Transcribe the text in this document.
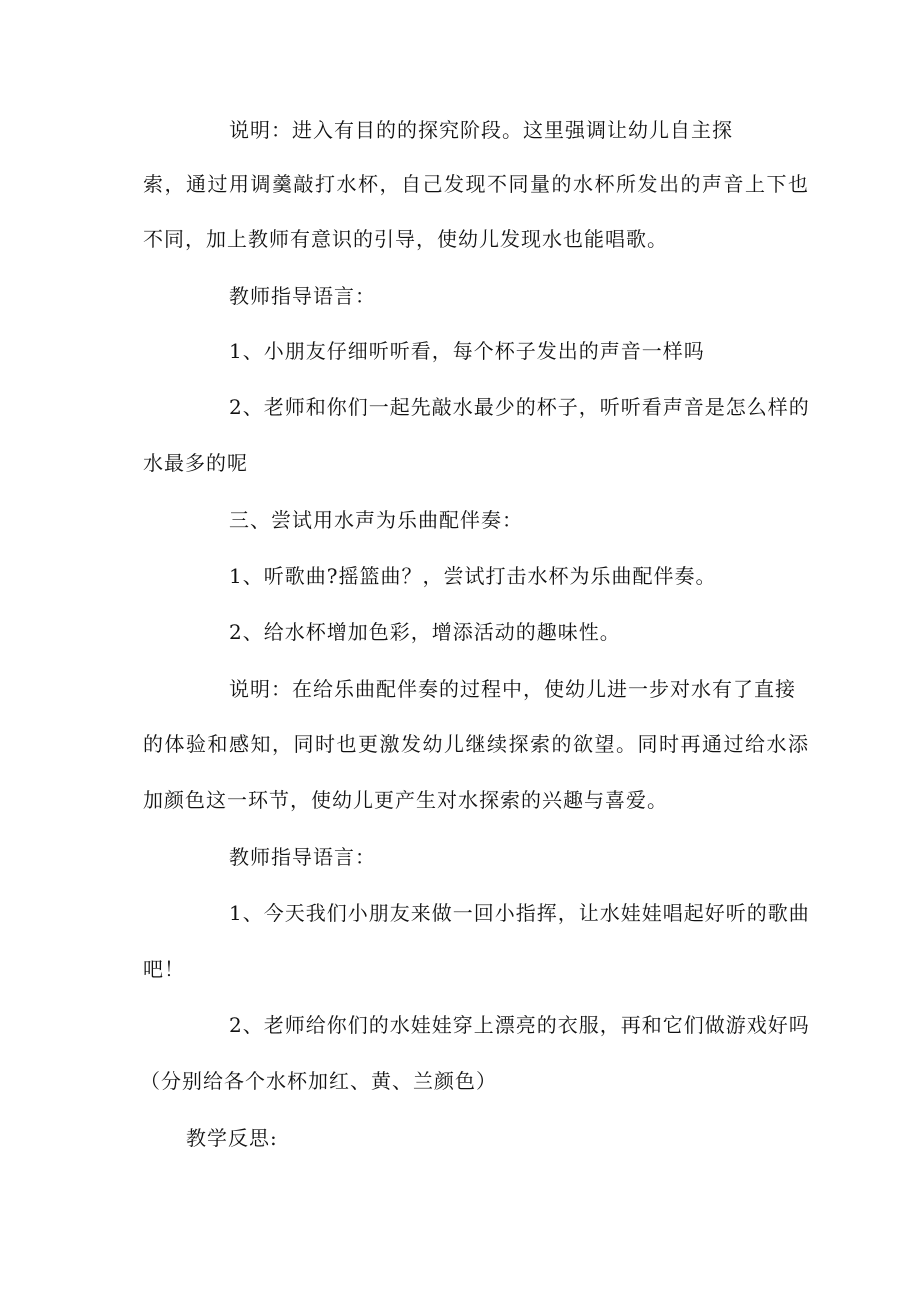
说明：进入有目的的探究阶段。这里强调让幼儿自主探
索，通过用调羹敲打水杯，自己发现不同量的水杯所发出的声音上下也
不同，加上教师有意识的引导，使幼儿发现水也能唱歌。
教师指导语言：
1、小朋友仔细听听看，每个杯子发出的声音一样吗
2、老师和你们一起先敲水最少的杯子，听听看声音是怎么样的
水最多的呢
三、尝试用水声为乐曲配伴奏：
1、听歌曲?摇篮曲？，尝试打击水杯为乐曲配伴奏。
2、给水杯增加色彩，增添活动的趣味性。
说明：在给乐曲配伴奏的过程中，使幼儿进一步对水有了直接
的体验和感知，同时也更激发幼儿继续探索的欲望。同时再通过给水添
加颜色这一环节，使幼儿更产生对水探索的兴趣与喜爱。
教师指导语言：
1、今天我们小朋友来做一回小指挥，让水娃娃唱起好听的歌曲
吧！
2、老师给你们的水娃娃穿上漂亮的衣服，再和它们做游戏好吗
（分别给各个水杯加红、黄、兰颜色）
教学反思:
